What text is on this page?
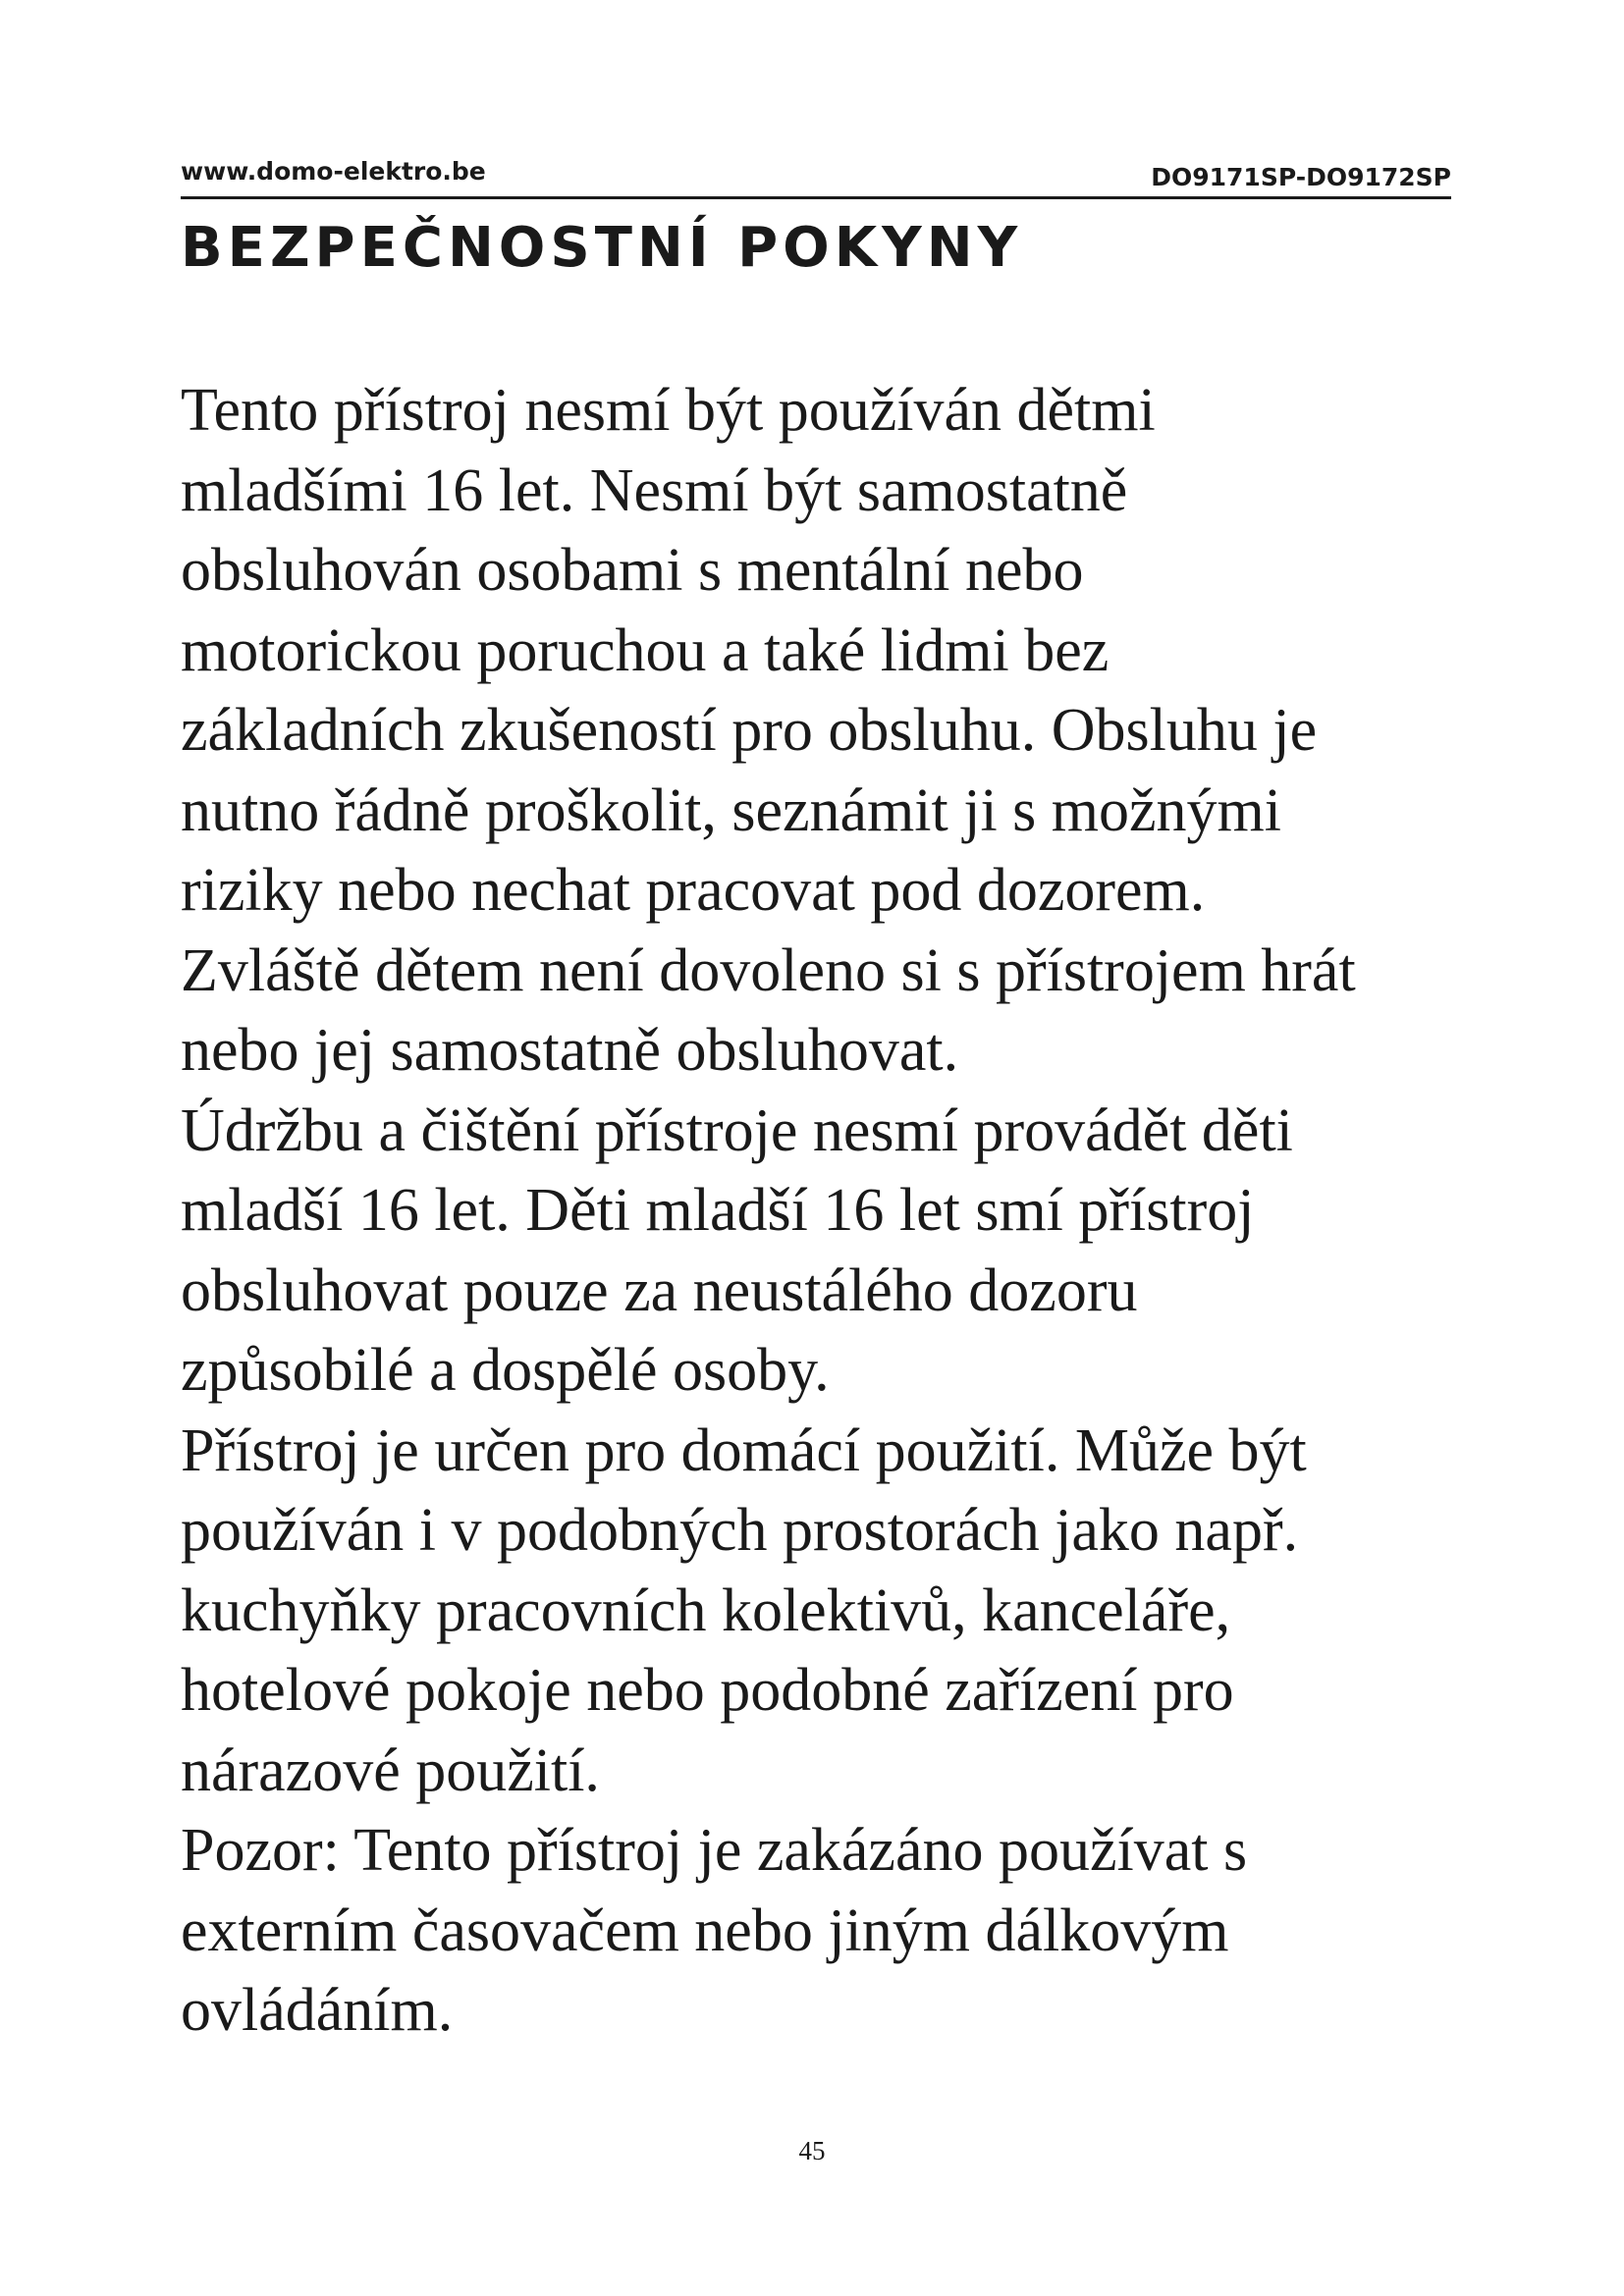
www.domo-elektro.be	DO9171SP-DO9172SP
BEZPEČNOSTNÍ POKYNY
Tento přístroj nesmí být používán dětmi
mladšími 16 let. Nesmí být samostatně
obsluhován osobami s mentální nebo
motorickou poruchou a také lidmi bez
základních zkušeností pro obsluhu. Obsluhu je
nutno řádně proškolit, seznámit ji s možnými
riziky nebo nechat pracovat pod dozorem.
Zvláště dětem není dovoleno si s přístrojem hrát
nebo jej samostatně obsluhovat.
Údržbu a čištění přístroje nesmí provádět děti
mladší 16 let. Děti mladší 16 let smí přístroj
obsluhovat pouze za neustálého dozoru
způsobilé a dospělé osoby.
Přístroj je určen pro domácí použití. Může být
používán i v podobných prostorách jako např.
kuchyňky pracovních kolektivů, kanceláře,
hotelové pokoje nebo podobné zařízení pro
nárazové použití.
Pozor: Tento přístroj je zakázáno používat s
externím časovačem nebo jiným dálkovým
ovládáním.
45
